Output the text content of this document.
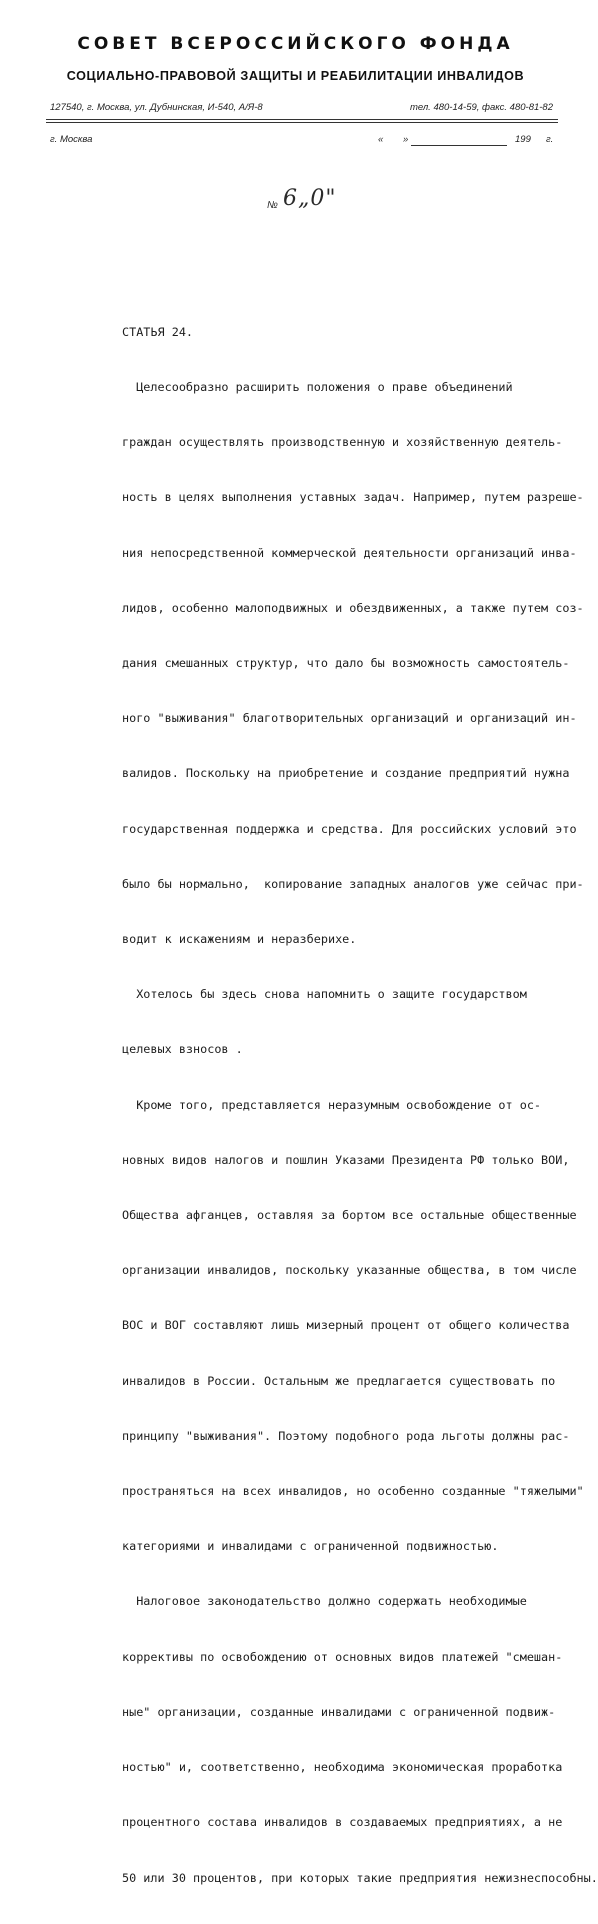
СОВЕТ ВСЕРОССИЙСКОГО ФОНДА
СОЦИАЛЬНО-ПРАВОВОЙ ЗАЩИТЫ И РЕАБИЛИТАЦИИ ИНВАЛИДОВ
127540, г. Москва, ул. Дубнинская, И-540, А/Я-8	тел. 480-14-59, факс. 480-81-82
г. Москва	« »	199 г.
№ 6„0"

СТАТЬЯ 24.

Целесообразно расширить положения о праве объединений

граждан осуществлять производственную и хозяйственную деятель-

ность в целях выполнения уставных задач. Например, путем разреше-

ния непосредственной коммерческой деятельности организаций инва-

лидов, особенно малоподвижных и обездвиженных, а также путем соз-

дания смешанных структур, что дало бы возможность самостоятель-

ного "выживания" благотворительных организаций и организаций ин-

валидов. Поскольку на приобретение и создание предприятий нужна

государственная поддержка и средства. Для российских условий это

было бы нормально,  копирование западных аналогов уже сейчас при-

водит к искажениям и неразберихе.

Хотелось бы здесь снова напомнить о защите государством

целевых взносов .

Кроме того, представляется неразумным освобождение от ос-

новных видов налогов и пошлин Указами Президента РФ только ВОИ,

Общества афганцев, оставляя за бортом все остальные общественные

организации инвалидов, поскольку указанные общества, в том числе

ВОС и ВОГ составляют лишь мизерный процент от общего количества

инвалидов в России. Остальным же предлагается существовать по

принципу "выживания". Поэтому подобного рода льготы должны рас-

пространяться на всех инвалидов, но особенно созданные "тяжелыми"

категориями и инвалидами с ограниченной подвижностью.

Налоговое законодательство должно содержать необходимые

коррективы по освобождению от основных видов платежей "смешан-

ные" организации, созданные инвалидами с ограниченной подвиж-

ностью" и, соответственно, необходима экономическая проработка

процентного состава инвалидов в создаваемых предприятиях, а не

50 или 30 процентов, при которых такие предприятия нежизнеспособны.
